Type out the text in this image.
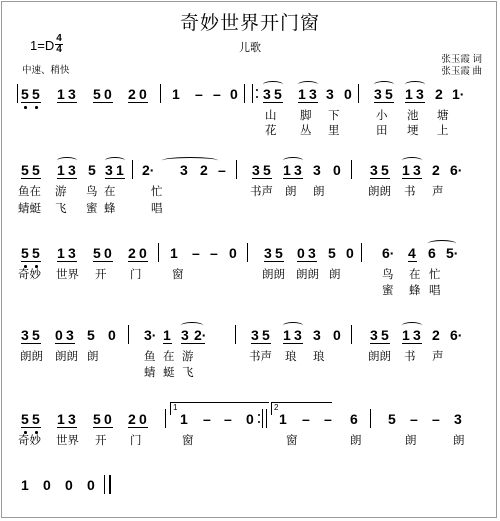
奇妙世界开门窗
1=D 4
4
中速、稍快
儿歌
张玉霞 词
张玉霞 曲
5 5 1 3 5 0 2 0 1 – – 0 3 5 1 3 3 0 3 5 1 3 2 1·
山 脚 下	小 池 塘
花 丛 里	田 埂 上
5 5 1 3 5 3 1 2· 3 2 – 3 5 1 3 3 0 3 5 1 3 2 6·
鱼在 游 鸟 在	忙	书声 朗 朗	朗朗 书 声
蜻蜓 飞 蜜 蜂	唱
5 5 1 3 5 0 2 0 1 – – 0 3 5 0 3 5 0 6· 4 6 5·
奇妙 世界 开 门	窗	朗朗 朗朗 朗	鸟 在 忙
蜜 蜂 唱
3 5 0 3 5 0 3· 1 3 2·	3 5 1 3 3 0 3 5 1 3 2 6·
朗朗 朗朗 朗	鱼 在 游	书声 琅 琅	朗朗 书 声
蜻 蜓 飞
5 5 1 3 5 0 2 0
1
1 – – 0
2
1 – – 6 5 – – 3
奇妙 世界 开 门	窗	窗	朗	朗	朗
1 0 0 0
